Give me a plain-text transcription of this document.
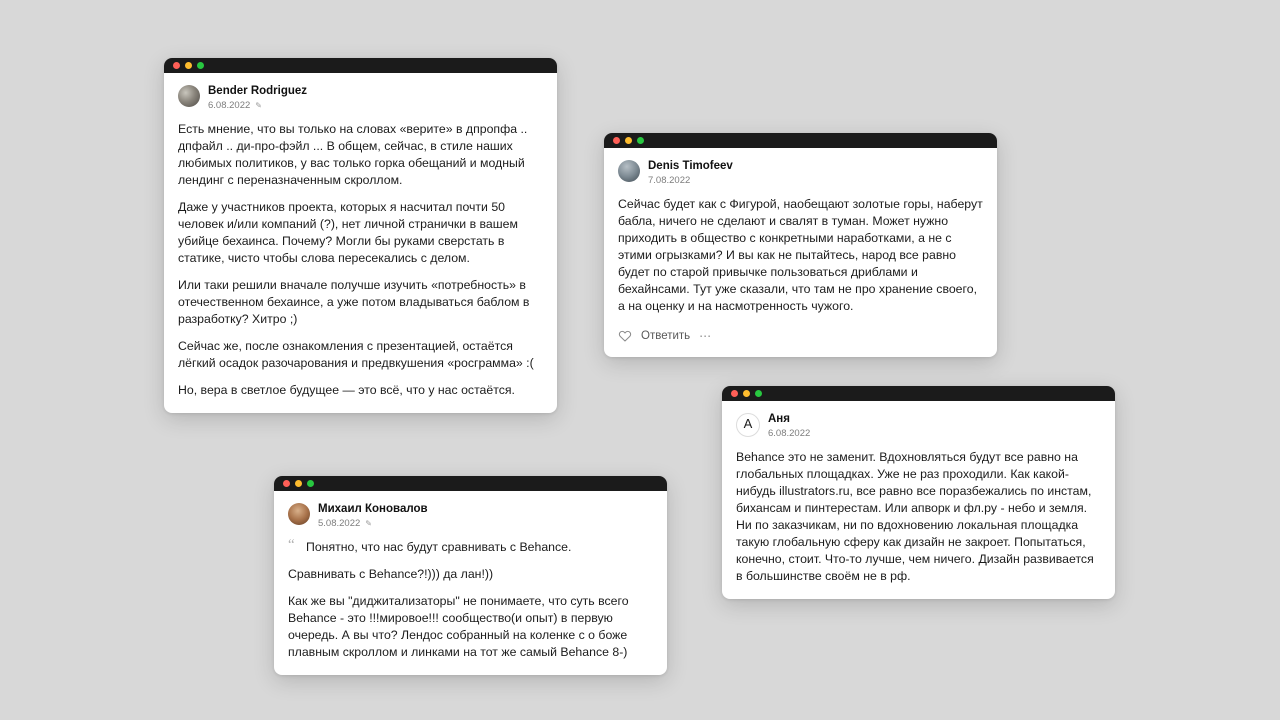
Bender Rodriguez
6.08.2022 ✎

Есть мнение, что вы только на словах «верите» в дпропфа .. дпфайл .. ди-про-фэйл ... В общем, сейчас, в стиле наших любимых политиков, у вас только горка обещаний и модный лендинг с переназначенным скроллом.

Даже у участников проекта, которых я насчитал почти 50 человек и/или компаний (?), нет личной странички в вашем убийце бехаинса. Почему? Могли бы руками сверстать в статике, чисто чтобы слова пересекались с делом.

Или таки решили вначале получше изучить «потребность» в отечественном бехаинсе, а уже потом владываться баблом в разработку? Хитро ;)

Сейчас же, после ознакомления с презентацией, остаётся лёгкий осадок разочарования и предвкушения «росграмма» :(

Но, вера в светлое будущее — это всё, что у нас остаётся.

Denis Timofeev
7.08.2022

Сейчас будет как с Фигурой, наобещают золотые горы, наберут бабла, ничего не сделают и свалят в туман. Может нужно приходить в общество с конкретными наработками, а не с этими огрызками? И вы как не пытайтесь, народ все равно будет по старой привычке пользоваться дриблами и бехайнсами. Тут уже сказали, что там не про хранение своего, а на оценку и на насмотренность чужого.

Ответить ⋯
Михаил Коновалов
5.08.2022 ✎
“ Понятно, что нас будут сравнивать с Behance.

Сравнивать с Behance?!))) да лан!))

Как же вы "диджитализаторы" не понимаете, что суть всего Behance - это !!!мировое!!! сообщество(и опыт) в первую очередь. А вы что? Лендос собранный на коленке с о боже плавным скроллом и линками на тот же самый Behance 8-)

A	Аня
6.08.2022

Behance это не заменит. Вдохновляться будут все равно на глобальных площадках. Уже не раз проходили. Как какой-нибудь illustrators.ru, все равно все поразбежались по инстам, бихансам и пинтерестам. Или апворк и фл.ру - небо и земля. Ни по заказчикам, ни по вдохновению локальная площадка такую глобальную сферу как дизайн не закроет. Попытаться, конечно, стоит. Что-то лучше, чем ничего. Дизайн развивается в большинстве своём не в рф.
